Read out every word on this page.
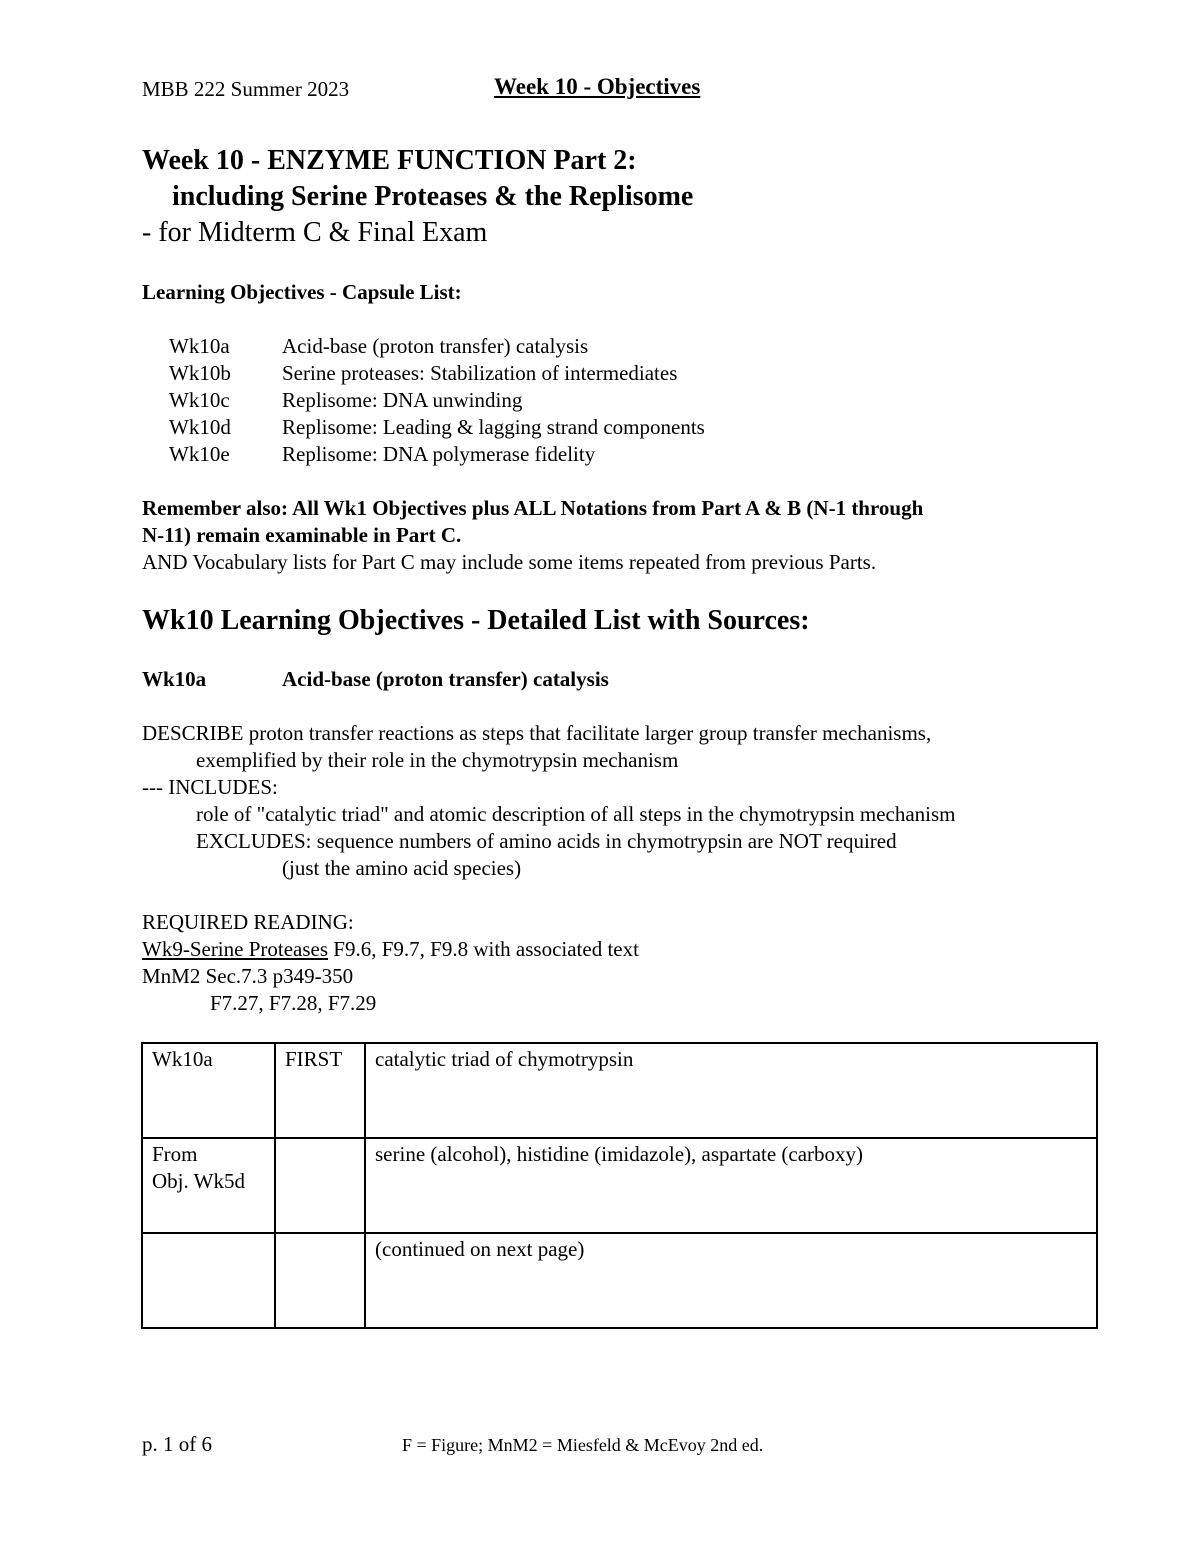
MBB 222 Summer 2023	Week 10 - Objectives
Week 10 - ENZYME FUNCTION Part 2:
including Serine Proteases & the Replisome
- for Midterm C & Final Exam
Learning Objectives - Capsule List:
Wk10a Acid-base (proton transfer) catalysis
Wk10b Serine proteases: Stabilization of intermediates
Wk10c Replisome: DNA unwinding
Wk10d Replisome: Leading & lagging strand components
Wk10e Replisome: DNA polymerase fidelity
Remember also: All Wk1 Objectives plus ALL Notations from Part A & B (N-1 through
N-11) remain examinable in Part C.
AND Vocabulary lists for Part C may include some items repeated from previous Parts.
Wk10 Learning Objectives - Detailed List with Sources:
Wk10a	Acid-base (proton transfer) catalysis
DESCRIBE proton transfer reactions as steps that facilitate larger group transfer mechanisms,
exemplified by their role in the chymotrypsin mechanism
--- INCLUDES:
role of "catalytic triad" and atomic description of all steps in the chymotrypsin mechanism
EXCLUDES: sequence numbers of amino acids in chymotrypsin are NOT required
(just the amino acid species)
REQUIRED READING:
Wk9-Serine Proteases F9.6, F9.7, F9.8 with associated text
MnM2 Sec.7.3 p349-350
F7.27, F7.28, F7.29
Wk10a	FIRST	catalytic triad of chymotrypsin
From
Obj. Wk5d		serine (alcohol), histidine (imidazole), aspartate (carboxy)
		(continued on next page)
p. 1 of 6	F = Figure; MnM2 = Miesfeld & McEvoy 2nd ed.
